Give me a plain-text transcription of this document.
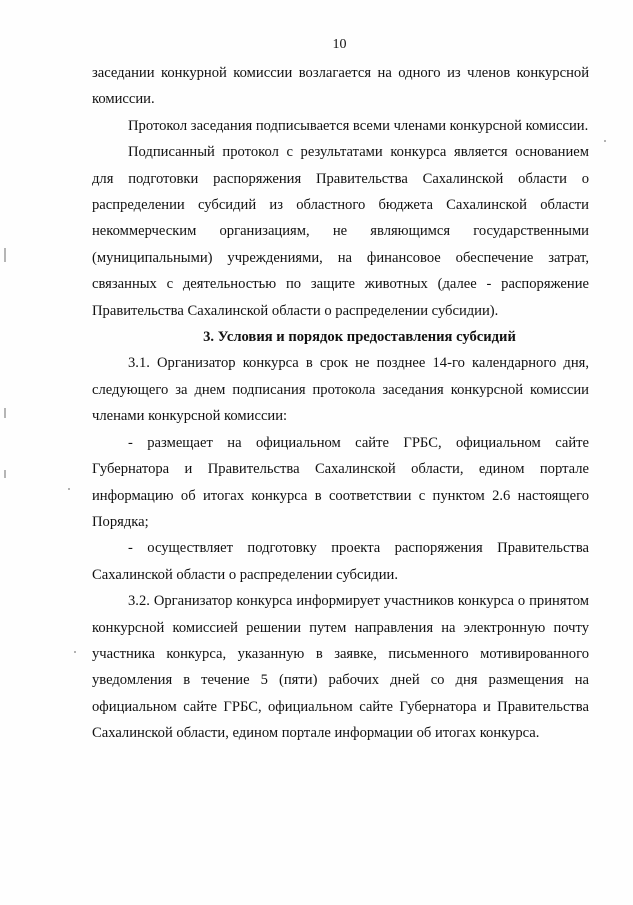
10

заседании конкурной комиссии возлагается на одного из членов конкурсной комиссии.

Протокол заседания подписывается всеми членами конкурсной комиссии.

Подписанный протокол с результатами конкурса является основанием для подготовки распоряжения Правительства Сахалинской области о распределении субсидий из областного бюджета Сахалинской области некоммерческим организациям, не являющимся государственными (муниципальными) учреждениями, на финансовое обеспечение затрат, связанных с деятельностью по защите животных (далее - распоряжение Правительства Сахалинской области о распределении субсидии).

3. Условия и порядок предоставления субсидий

3.1. Организатор конкурса в срок не позднее 14-го календарного дня, следующего за днем подписания протокола заседания конкурсной комиссии членами конкурсной комиссии:

- размещает на официальном сайте ГРБС, официальном сайте Губернатора и Правительства Сахалинской области, едином портале информацию об итогах конкурса в соответствии с пунктом 2.6 настоящего Порядка;

- осуществляет подготовку проекта распоряжения Правительства Сахалинской области о распределении субсидии.

3.2. Организатор конкурса информирует участников конкурса о принятом конкурсной комиссией решении путем направления на электронную почту участника конкурса, указанную в заявке, письменного мотивированного уведомления в течение 5 (пяти) рабочих дней со дня размещения на официальном сайте ГРБС, официальном сайте Губернатора и Правительства Сахалинской области, едином портале информации об итогах конкурса.
